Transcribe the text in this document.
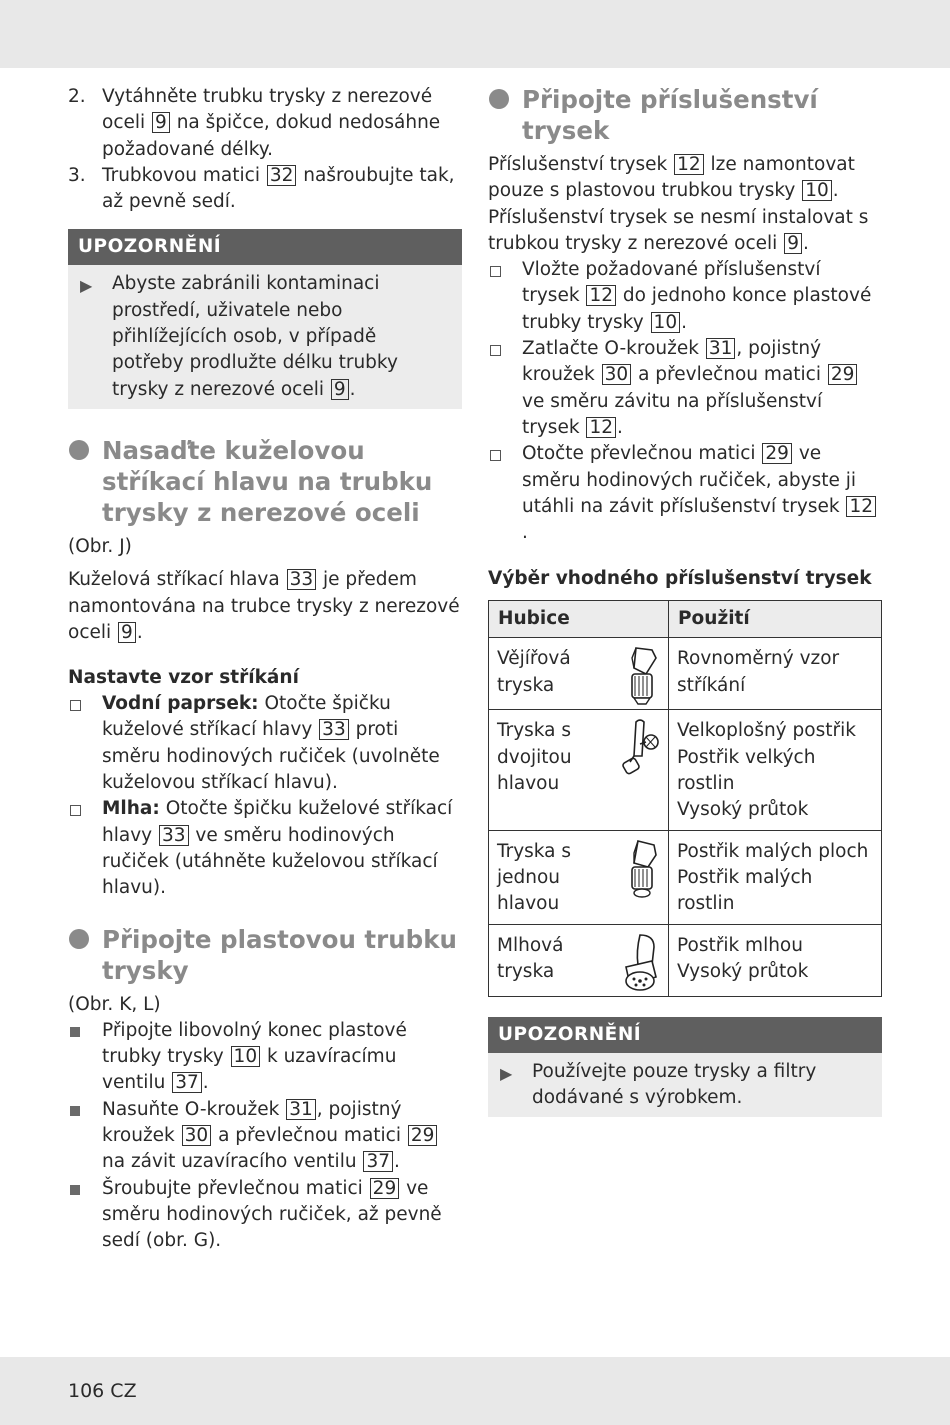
2. Vytáhněte trubku trysky z nerezové oceli 9 na špičce, dokud nedosáhne požadované délky.
3. Trubkovou matici 32 našroubujte tak, až pevně sedí.
UPOZORNĚNÍ
▶ Abyste zabránili kontaminaci prostředí, uživatele nebo přihlížejících osob, v případě potřeby prodlužte délku trubky trysky z nerezové oceli 9 .
Nasaďte kuželovou stříkací hlavu na trubku trysky z nerezové oceli
(Obr. J)
Kuželová stříkací hlava 33 je předem namontována na trubce trysky z nerezové oceli 9 .
Nastavte vzor stříkání
Vodní paprsek: Otočte špičku kuželové stříkací hlavy 33 proti směru hodinových ručiček (uvolněte kuželovou stříkací hlavu).
Mlha: Otočte špičku kuželové stříkací hlavy 33 ve směru hodinových ručiček (utáhněte kuželovou stříkací hlavu).
Připojte plastovou trubku trysky
(Obr. K, L)
Připojte libovolný konec plastové trubky trysky 10 k uzavíracímu ventilu 37 .
Nasuňte O-kroužek 31 , pojistný kroužek 30 a převlečnou matici 29 na závit uzavíracího ventilu 37 .
Šroubujte převlečnou matici 29 ve směru hodinových ručiček, až pevně sedí (obr. G).
Připojte příslušenství trysek
Příslušenství trysek 12 lze namontovat pouze s plastovou trubkou trysky 10 .
Příslušenství trysek se nesmí instalovat s trubkou trysky z nerezové oceli 9 .
Vložte požadované příslušenství trysek 12 do jednoho konce plastové trubky trysky 10 .
Zatlačte O-kroužek 31 , pojistný kroužek 30 a převlečnou matici 29 ve směru závitu na příslušenství trysek 12 .
Otočte převlečnou matici 29 ve směru hodinových ručiček, abyste ji utáhli na závit příslušenství trysek 12.
Výběr vhodného příslušenství trysek
Hubice	Použití

Vějířová tryska	Rovnoměrný vzor stříkání

Tryska s dvojitou hlavou	Velkoplošný postřik
Postřik velkých rostlin
Vysoký průtok

Tryska s jednou hlavou	Postřik malých ploch
Postřik malých rostlin

Mlhová tryska	Postřik mlhou
Vysoký průtok
UPOZORNĚNÍ
▶ Používejte pouze trysky a filtry dodávané s výrobkem.
106 CZ
